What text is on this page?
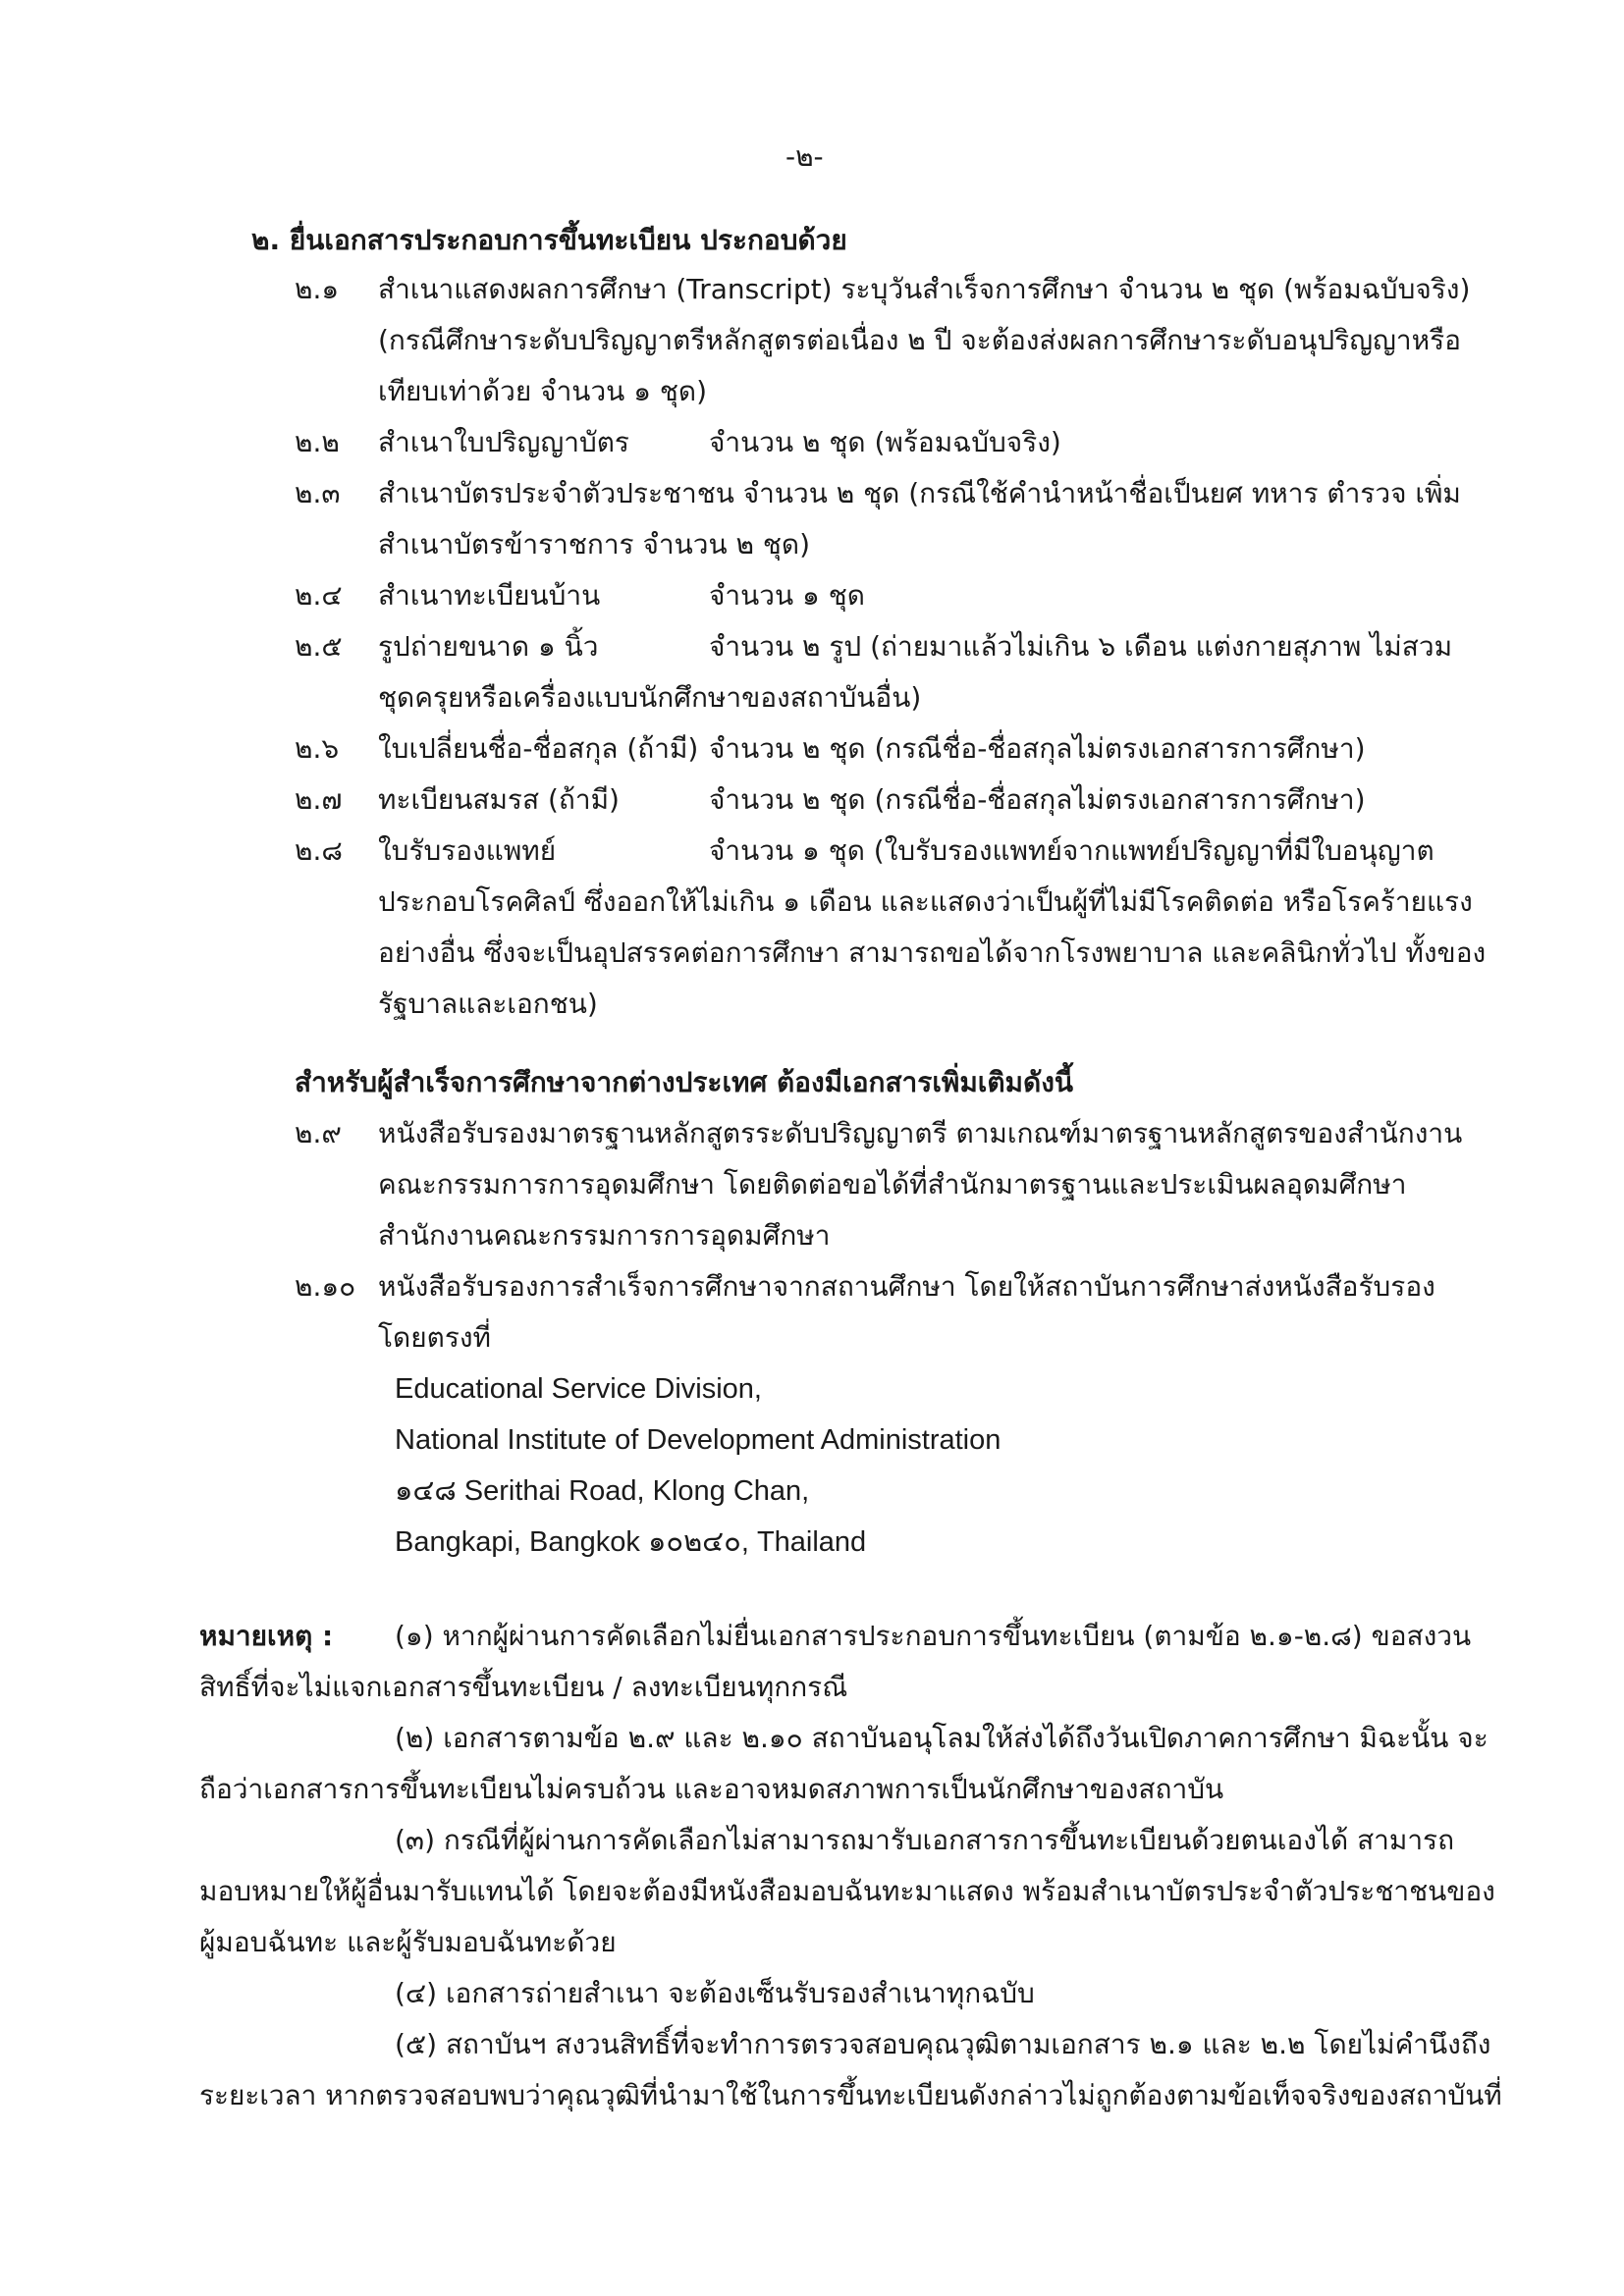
-๒-
๒. ยื่นเอกสารประกอบการขึ้นทะเบียน ประกอบด้วย
๒.๑ สำเนาแสดงผลการศึกษา (Transcript) ระบุวันสำเร็จการศึกษา จำนวน ๒ ชุด (พร้อมฉบับจริง)
(กรณีศึกษาระดับปริญญาตรีหลักสูตรต่อเนื่อง ๒ ปี จะต้องส่งผลการศึกษาระดับอนุปริญญาหรือ
เทียบเท่าด้วย จำนวน ๑ ชุด)
๒.๒ สำเนาใบปริญญาบัตร	จำนวน ๒ ชุด (พร้อมฉบับจริง)
๒.๓ สำเนาบัตรประจำตัวประชาชน จำนวน ๒ ชุด (กรณีใช้คำนำหน้าชื่อเป็นยศ ทหาร ตำรวจ เพิ่ม
สำเนาบัตรข้าราชการ จำนวน ๒ ชุด)
๒.๔ สำเนาทะเบียนบ้าน	จำนวน ๑ ชุด
๒.๕ รูปถ่ายขนาด ๑ นิ้ว	จำนวน ๒ รูป (ถ่ายมาแล้วไม่เกิน ๖ เดือน แต่งกายสุภาพ ไม่สวม
ชุดครุยหรือเครื่องแบบนักศึกษาของสถาบันอื่น)
๒.๖ ใบเปลี่ยนชื่อ-ชื่อสกุล (ถ้ามี) จำนวน ๒ ชุด (กรณีชื่อ-ชื่อสกุลไม่ตรงเอกสารการศึกษา)
๒.๗ ทะเบียนสมรส (ถ้ามี)	จำนวน ๒ ชุด (กรณีชื่อ-ชื่อสกุลไม่ตรงเอกสารการศึกษา)
๒.๘ ใบรับรองแพทย์	จำนวน ๑ ชุด (ใบรับรองแพทย์จากแพทย์ปริญญาที่มีใบอนุญาต
ประกอบโรคศิลป์ ซึ่งออกให้ไม่เกิน ๑ เดือน และแสดงว่าเป็นผู้ที่ไม่มีโรคติดต่อ หรือโรคร้ายแรง
อย่างอื่น ซึ่งจะเป็นอุปสรรคต่อการศึกษา สามารถขอได้จากโรงพยาบาล และคลินิกทั่วไป ทั้งของ
รัฐบาลและเอกชน)
สำหรับผู้สำเร็จการศึกษาจากต่างประเทศ ต้องมีเอกสารเพิ่มเติมดังนี้
๒.๙ หนังสือรับรองมาตรฐานหลักสูตรระดับปริญญาตรี ตามเกณฑ์มาตรฐานหลักสูตรของสำนักงาน
คณะกรรมการการอุดมศึกษา โดยติดต่อขอได้ที่สำนักมาตรฐานและประเมินผลอุดมศึกษา
สำนักงานคณะกรรมการการอุดมศึกษา
๒.๑๐ หนังสือรับรองการสำเร็จการศึกษาจากสถานศึกษา โดยให้สถาบันการศึกษาส่งหนังสือรับรอง
โดยตรงที่
Educational Service Division,
National Institute of Development Administration
๑๔๘ Serithai Road, Klong Chan,
Bangkapi, Bangkok ๑๐๒๔๐, Thailand
หมายเหตุ : (๑) หากผู้ผ่านการคัดเลือกไม่ยื่นเอกสารประกอบการขึ้นทะเบียน (ตามข้อ ๒.๑-๒.๘) ขอสงวน
สิทธิ์ที่จะไม่แจกเอกสารขึ้นทะเบียน / ลงทะเบียนทุกกรณี
(๒) เอกสารตามข้อ ๒.๙ และ ๒.๑๐ สถาบันอนุโลมให้ส่งได้ถึงวันเปิดภาคการศึกษา มิฉะนั้น จะ
ถือว่าเอกสารการขึ้นทะเบียนไม่ครบถ้วน และอาจหมดสภาพการเป็นนักศึกษาของสถาบัน
(๓) กรณีที่ผู้ผ่านการคัดเลือกไม่สามารถมารับเอกสารการขึ้นทะเบียนด้วยตนเองได้ สามารถ
มอบหมายให้ผู้อื่นมารับแทนได้ โดยจะต้องมีหนังสือมอบฉันทะมาแสดง พร้อมสำเนาบัตรประจำตัวประชาชนของ
ผู้มอบฉันทะ และผู้รับมอบฉันทะด้วย
(๔) เอกสารถ่ายสำเนา จะต้องเซ็นรับรองสำเนาทุกฉบับ
(๕) สถาบันฯ สงวนสิทธิ์ที่จะทำการตรวจสอบคุณวุฒิตามเอกสาร ๒.๑ และ ๒.๒ โดยไม่คำนึงถึง
ระยะเวลา หากตรวจสอบพบว่าคุณวุฒิที่นำมาใช้ในการขึ้นทะเบียนดังกล่าวไม่ถูกต้องตามข้อเท็จจริงของสถาบันที่
